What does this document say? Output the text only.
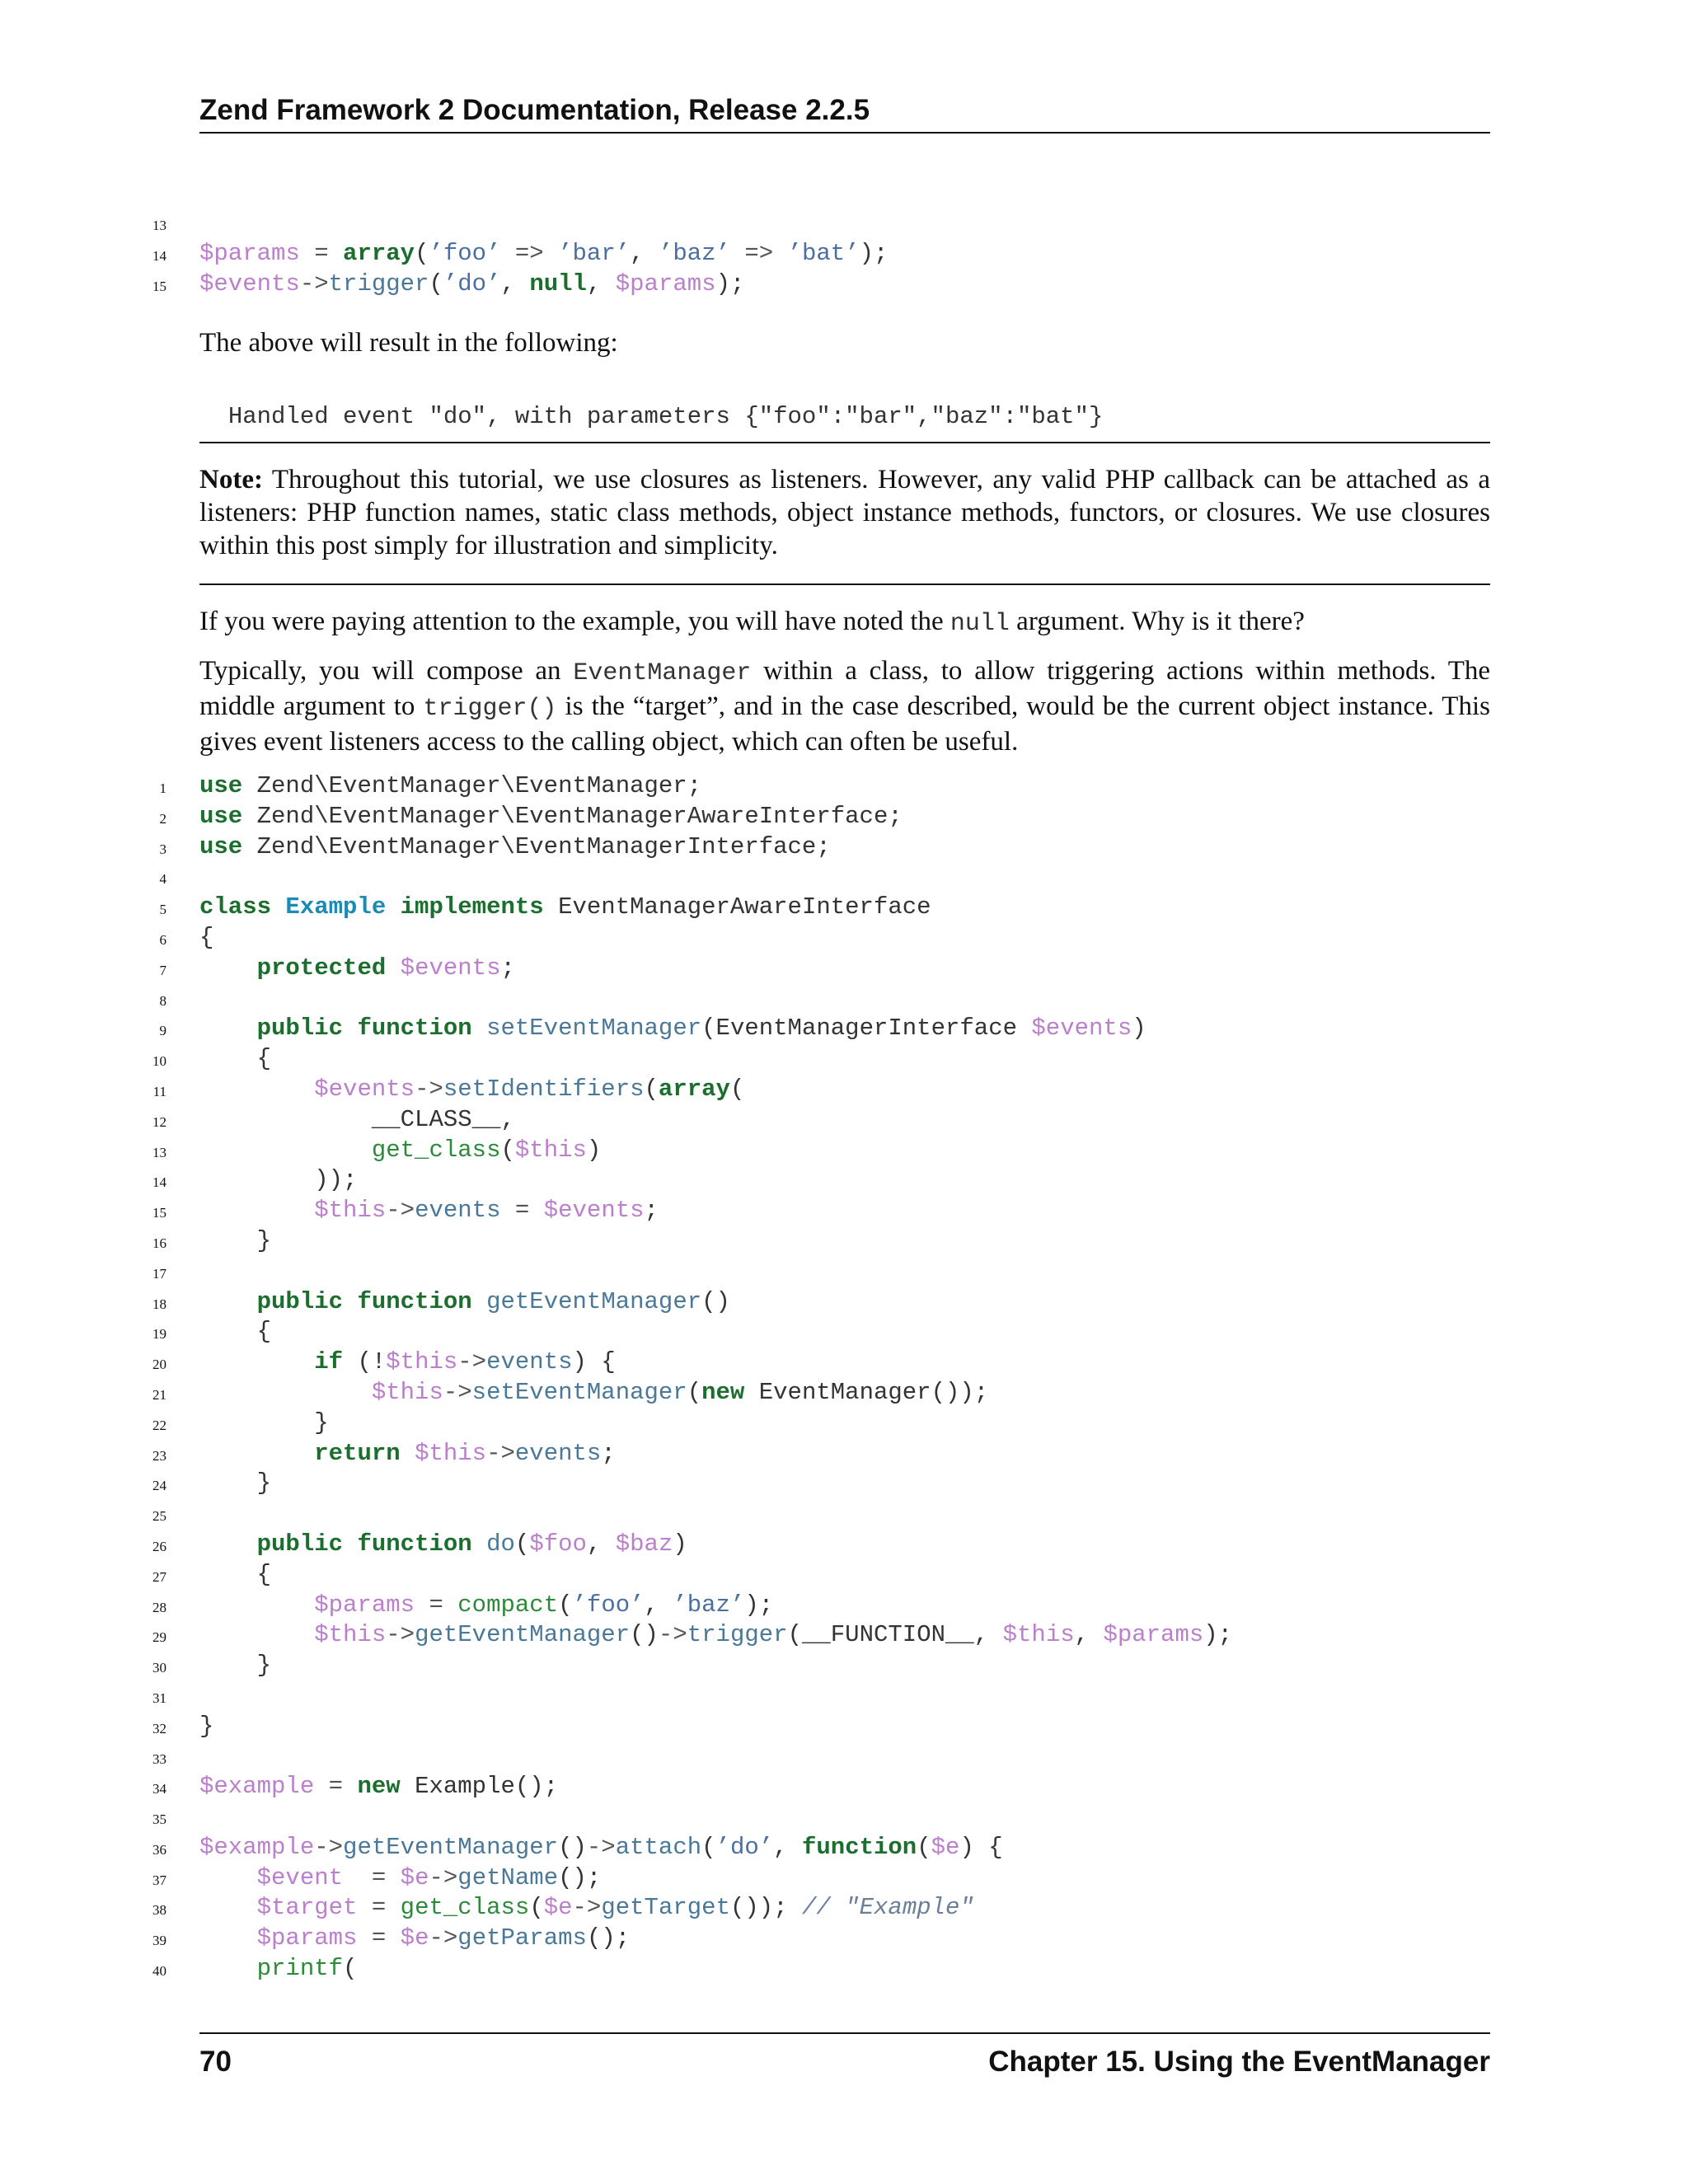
Zend Framework 2 Documentation, Release 2.2.5
13
14 $params = array(’foo’ => ’bar’, ’baz’ => ’bat’);
15 $events->trigger(’do’, null, $params);
The above will result in the following:

Handled event "do", with parameters {"foo":"bar","baz":"bat"}

Note: Throughout this tutorial, we use closures as listeners. However, any valid PHP callback can be attached as a listeners: PHP function names, static class methods, object instance methods, functors, or closures. We use closures within this post simply for illustration and simplicity.
If you were paying attention to the example, you will have noted the null argument. Why is it there?
Typically, you will compose an EventManager within a class, to allow triggering actions within methods. The middle argument to trigger() is the “target”, and in the case described, would be the current object instance. This gives event listeners access to the calling object, which can often be useful.
1 use Zend\EventManager\EventManager;
2 use Zend\EventManager\EventManagerAwareInterface;
3 use Zend\EventManager\EventManagerInterface;
4
5 class Example implements EventManagerAwareInterface
6 {
7	protected $events;
8
9	public function setEventManager(EventManagerInterface $events)
10 {
11	$events->setIdentifiers(array(
12 __CLASS__,
13	get_class($this)
14 ));
15	$this->events = $events;
16 }
17
18	public function getEventManager()
19 {
20	if (!$this->events) {
21	$this->setEventManager(new EventManager());
22 }
23	return $this->events;
24 }
25
26	public function do($foo, $baz)
27 {
28	$params = compact(’foo’, ’baz’);
29	$this->getEventManager()->trigger(__FUNCTION__, $this, $params);
30 }
31
32 }
33
34 $example = new Example();
35
36 $example->getEventManager()->attach(’do’, function($e) {
37	$event  = $e->getName();
38	$target = get_class($e->getTarget()); // "Example"
39	$params = $e->getParams();
40	printf(
70	Chapter 15. Using the EventManager
